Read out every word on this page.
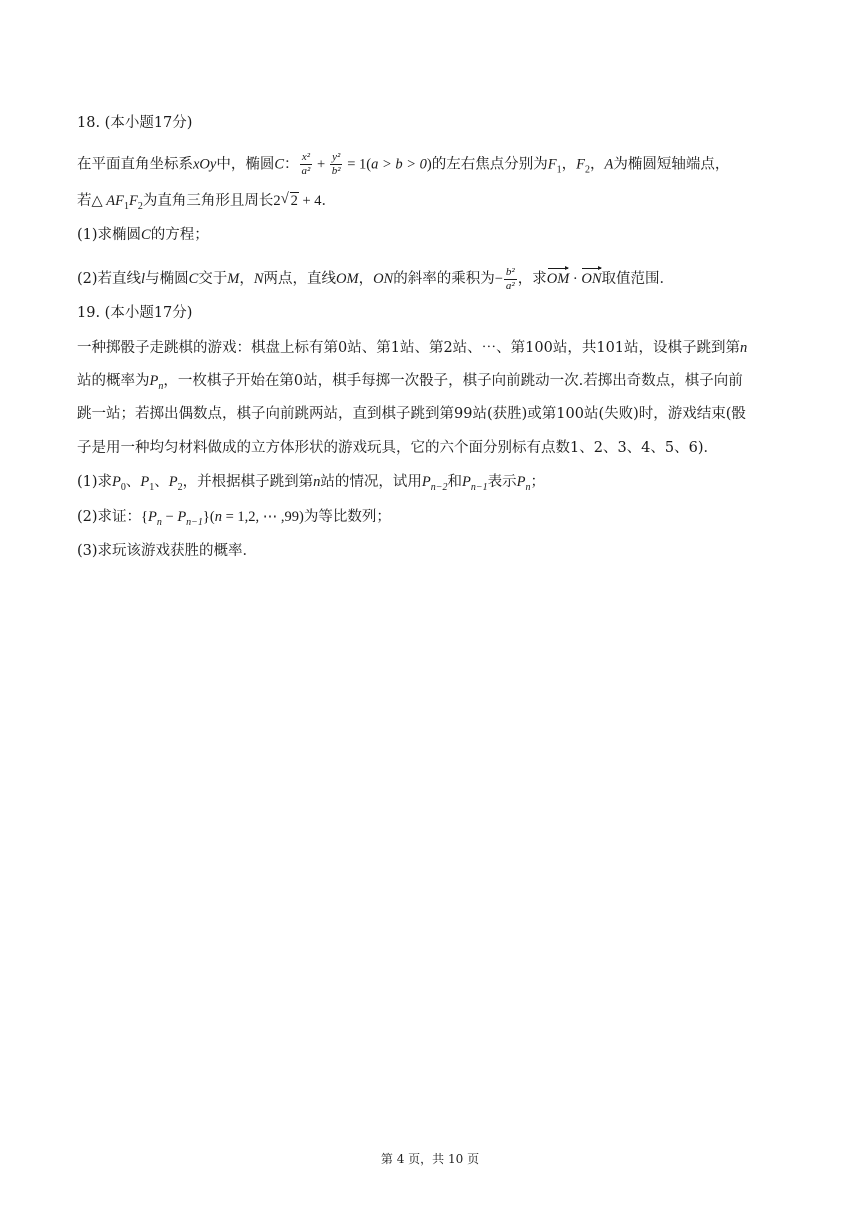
18. (本小题17分)
在平面直角坐标系xOy中，椭圆C： $\frac{\text{x²}}{\text{a²}} + \frac{\text{y²}}{\text{b²}} = 1(a > b > 0)$的左右焦点分别为$F_1$，$F_2$，A为椭圆短轴端点，
若△ $AF_1F_2$为直角三角形且周长2√ 2 + 4．
(1)求椭圆C的方程；
(2)若直线l与椭圆C交于M，N两点，直线OM，ON的斜率的乘积为− $\frac{\text{b²}}{\text{a²}}$ ，求OM · ON取值范围．
19. (本小题17分)
一种掷骰子走跳棋的游戏：棋盘上标有第0站、第1站、第2站、⋯、第100站，共101站，设棋子跳到第n
站的概率为$P_n$，一枚棋子开始在第0站，棋手每掷一次骰子，棋子向前跳动一次.若掷出奇数点，棋子向前
跳一站；若掷出偶数点，棋子向前跳两站，直到棋子跳到第99站(获胜)或第100站(失败)时，游戏结束(骰
子是用一种均匀材料做成的立方体形状的游戏玩具，它的六个面分别标有点数1、2、3、4、5、6)．
(1)求$P_0$、$P_1$、$P_2$，并根据棋子跳到第n站的情况，试用$P_{n-2}$和$P_{n-1}$表示$P_n$；
(2)求证：$\{P_n - P_{n-1}\}(n = 1,2$, ⋯ ,99)为等比数列；
(3)求玩该游戏获胜的概率．
第 4 页，共 10 页
